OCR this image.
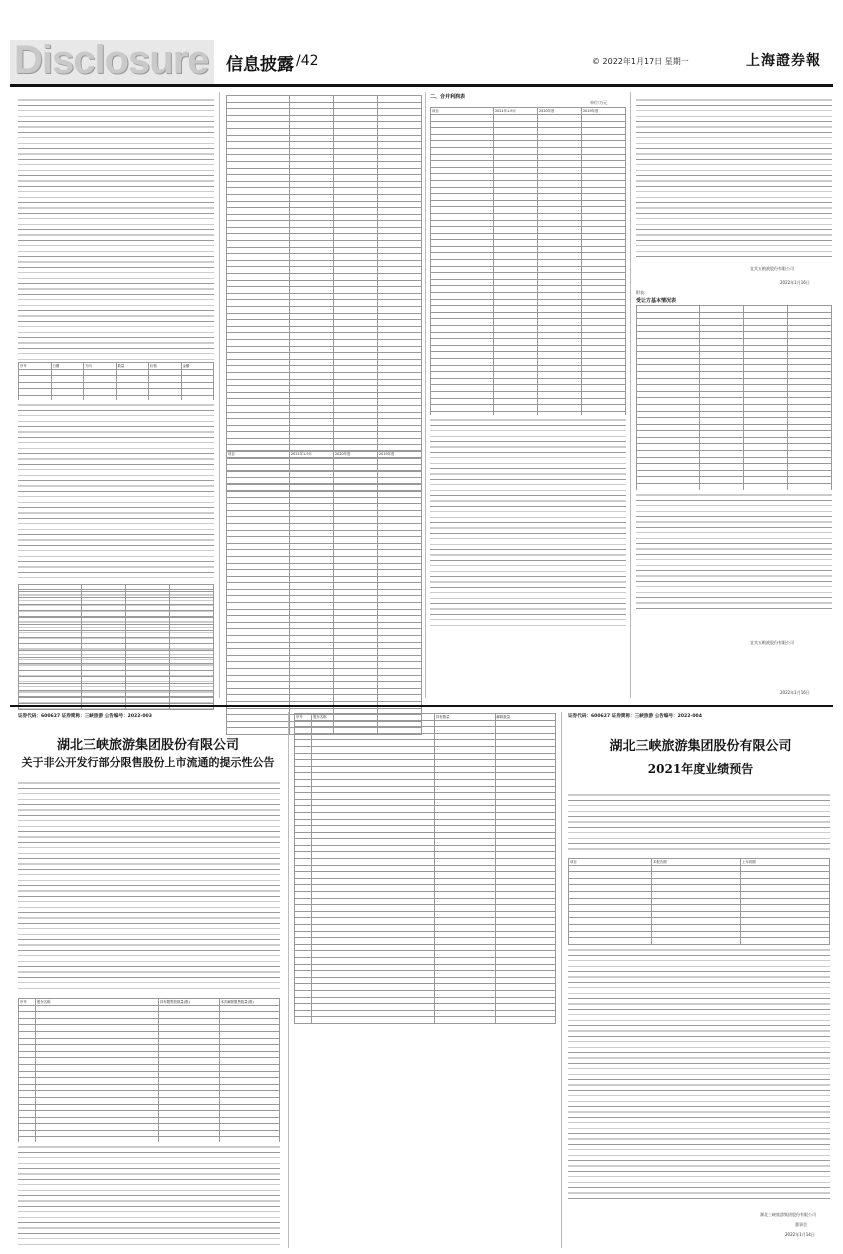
Disclosure 信息披露 /42	© 2022年1月17日 星期一	上海證券報
序号	日期	方向	数量	价格	金额

项目	2021年1-9月	2020年度	2019年度

二、合并利润表
单位:万元
项目	2021年1-9月	2020年度	2019年度

宜宾五粮液股份有限公司
2022年1月16日
附表：
受让方基本情况表

宜宾五粮液股份有限公司
2022年1月16日
证券代码：600627 证券简称：三峡旅游 公告编号：2022-003
湖北三峡旅游集团股份有限公司
关于非公开发行部分限售股份上市流通的提示性公告
序号	股东名称	持有限售股数量(股)	本次解除限售数量(股)

序号	股东名称	持有数量	解除数量

				证券代码：600627 证券简称：三峡旅游 公告编号：2022-004
湖北三峡旅游集团股份有限公司
2021年度业绩预告
项目	本报告期	上年同期

湖北三峡旅游集团股份有限公司
董事会
2022年1月14日
